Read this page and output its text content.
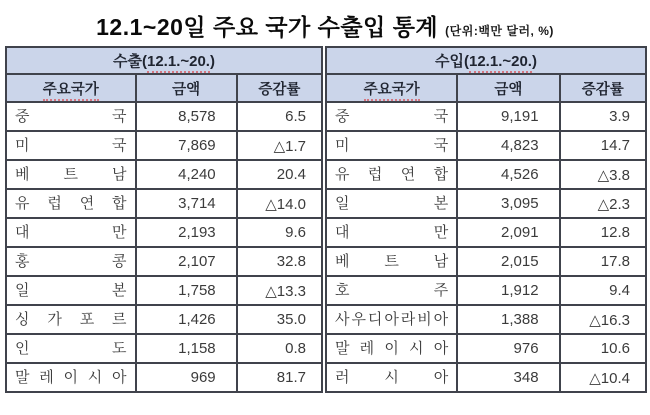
12.1~20일 주요 국가 수출입 통계 (단위:백만 달러, %)
수출(12.1.~20.)		
주요국가	금액	증감률

중 국	8,578	6.5

미 국	7,869	△1.7

베 트 남	4,240	20.4

유 럽 연 합	3,714	△14.0

대 만	2,193	9.6

홍 콩	2,107	32.8

일 본	1,758	△13.3

싱 가 포 르	1,426	35.0

인 도	1,158	0.8

말 레 이 시 아	969	81.7
수입(12.1.~20.)		
주요국가	금액	증감률

중 국	9,191	3.9

미 국	4,823	14.7

유 럽 연 합	4,526	△3.8

일 본	3,095	△2.3

대 만	2,091	12.8

베 트 남	2,015	17.8

호 주	1,912	9.4

사 우 디 아 라 비 아	1,388	△16.3

말 레 이 시 아	976	10.6

러 시 아	348	△10.4
